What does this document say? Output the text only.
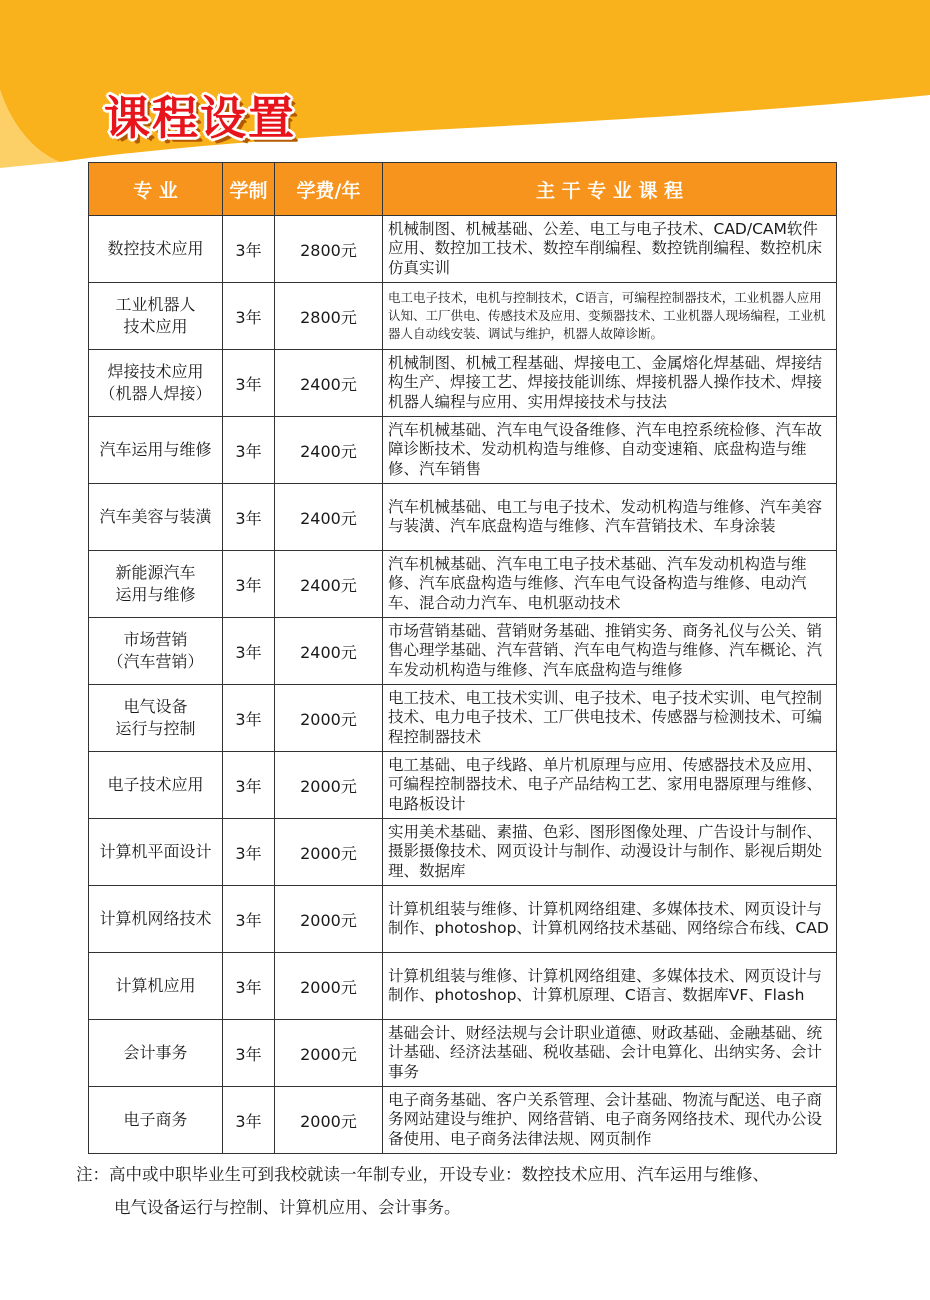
课程设置
专 业	学制	学费/年	主 干 专 业 课 程
数控技术应用	3年	2800元	机械制图、机械基础、公差、电工与电子技术、CAD/CAM软件应用、数控加工技术、数控车削编程、数控铣削编程、数控机床仿真实训
工业机器人
技术应用	3年	2800元	电工电子技术，电机与控制技术，C语言，可编程控制器技术，工业机器人应用认知、工厂供电、传感技术及应用、变频器技术、工业机器人现场编程，工业机器人自动线安装、调试与维护，机器人故障诊断。
焊接技术应用
（机器人焊接）	3年	2400元	机械制图、机械工程基础、焊接电工、金属熔化焊基础、焊接结构生产、焊接工艺、焊接技能训练、焊接机器人操作技术、焊接机器人编程与应用、实用焊接技术与技法
汽车运用与维修	3年	2400元	汽车机械基础、汽车电气设备维修、汽车电控系统检修、汽车故障诊断技术、发动机构造与维修、自动变速箱、底盘构造与维修、汽车销售
汽车美容与装潢	3年	2400元	汽车机械基础、电工与电子技术、发动机构造与维修、汽车美容与装潢、汽车底盘构造与维修、汽车营销技术、车身涂装
新能源汽车
运用与维修	3年	2400元	汽车机械基础、汽车电工电子技术基础、汽车发动机构造与维修、汽车底盘构造与维修、汽车电气设备构造与维修、电动汽车、混合动力汽车、电机驱动技术
市场营销
（汽车营销）	3年	2400元	市场营销基础、营销财务基础、推销实务、商务礼仪与公关、销售心理学基础、汽车营销、汽车电气构造与维修、汽车概论、汽车发动机构造与维修、汽车底盘构造与维修
电气设备
运行与控制	3年	2000元	电工技术、电工技术实训、电子技术、电子技术实训、电气控制技术、电力电子技术、工厂供电技术、传感器与检测技术、可编程控制器技术
电子技术应用	3年	2000元	电工基础、电子线路、单片机原理与应用、传感器技术及应用、可编程控制器技术、电子产品结构工艺、家用电器原理与维修、电路板设计
计算机平面设计	3年	2000元	实用美术基础、素描、色彩、图形图像处理、广告设计与制作、摄影摄像技术、网页设计与制作、动漫设计与制作、影视后期处理、数据库
计算机网络技术	3年	2000元	计算机组装与维修、计算机网络组建、多媒体技术、网页设计与制作、photoshop、计算机网络技术基础、网络综合布线、CAD
计算机应用	3年	2000元	计算机组装与维修、计算机网络组建、多媒体技术、网页设计与制作、photoshop、计算机原理、C语言、数据库VF、Flash
会计事务	3年	2000元	基础会计、财经法规与会计职业道德、财政基础、金融基础、统计基础、经济法基础、税收基础、会计电算化、出纳实务、会计事务
电子商务	3年	2000元	电子商务基础、客户关系管理、会计基础、物流与配送、电子商务网站建设与维护、网络营销、电子商务网络技术、现代办公设备使用、电子商务法律法规、网页制作
注：高中或中职毕业生可到我校就读一年制专业，开设专业：数控技术应用、汽车运用与维修、
电气设备运行与控制、计算机应用、会计事务。
